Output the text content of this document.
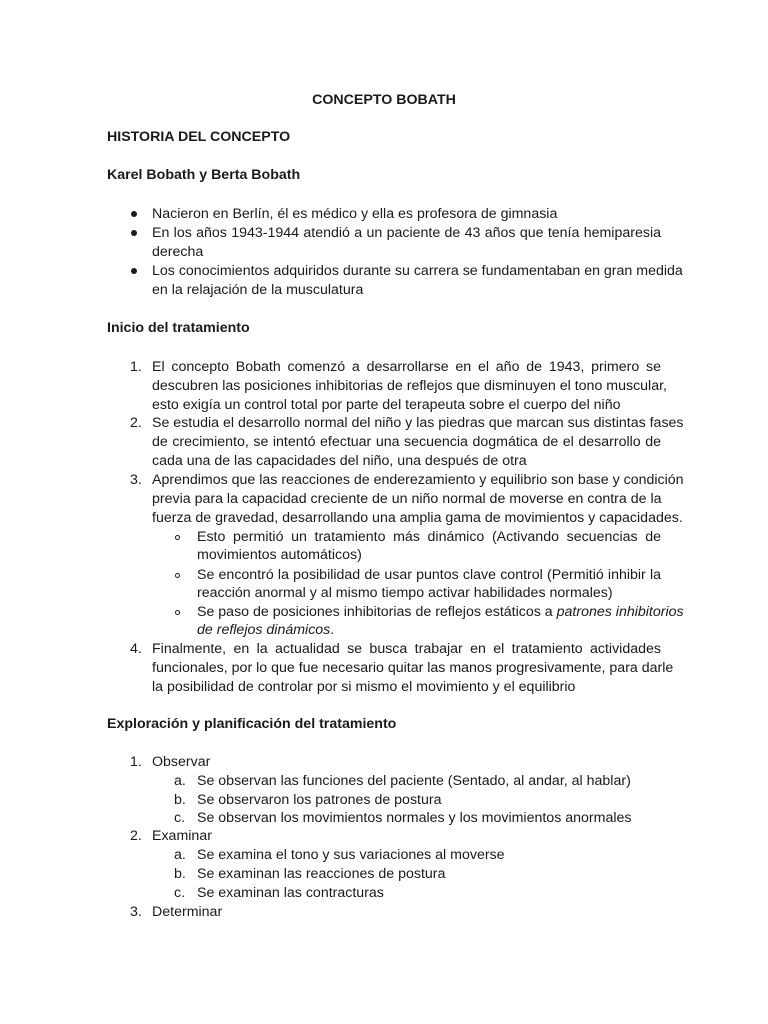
CONCEPTO BOBATH
HISTORIA DEL CONCEPTO
Karel Bobath y Berta Bobath
Nacieron en Berlín, él es médico y ella es profesora de gimnasia
En los años 1943-1944 atendió a un paciente de 43 años que tenía hemiparesia
derecha
Los conocimientos adquiridos durante su carrera se fundamentaban en gran medida
en la relajación de la musculatura
Inicio del tratamiento
1. El concepto Bobath comenzó a desarrollarse en el año de 1943, primero se
descubren las posiciones inhibitorias de reflejos que disminuyen el tono muscular,
esto exigía un control total por parte del terapeuta sobre el cuerpo del niño
2. Se estudia el desarrollo normal del niño y las piedras que marcan sus distintas fases
de crecimiento, se intentó efectuar una secuencia dogmática de el desarrollo de
cada una de las capacidades del niño, una después de otra
3. Aprendimos que las reacciones de enderezamiento y equilibrio son base y condición
previa para la capacidad creciente de un niño normal de moverse en contra de la
fuerza de gravedad, desarrollando una amplia gama de movimientos y capacidades.
Esto permitió un tratamiento más dinámico (Activando secuencias de
movimientos automáticos)
Se encontró la posibilidad de usar puntos clave control (Permitió inhibir la
reacción anormal y al mismo tiempo activar habilidades normales)
Se paso de posiciones inhibitorias de reflejos estáticos a patrones inhibitorios
de reflejos dinámicos.
4. Finalmente, en la actualidad se busca trabajar en el tratamiento actividades
funcionales, por lo que fue necesario quitar las manos progresivamente, para darle
la posibilidad de controlar por si mismo el movimiento y el equilibrio
Exploración y planificación del tratamiento
1. Observar
a. Se observan las funciones del paciente (Sentado, al andar, al hablar)
b. Se observaron los patrones de postura
c. Se observan los movimientos normales y los movimientos anormales
2. Examinar
a. Se examina el tono y sus variaciones al moverse
b. Se examinan las reacciones de postura
c. Se examinan las contracturas
3. Determinar
